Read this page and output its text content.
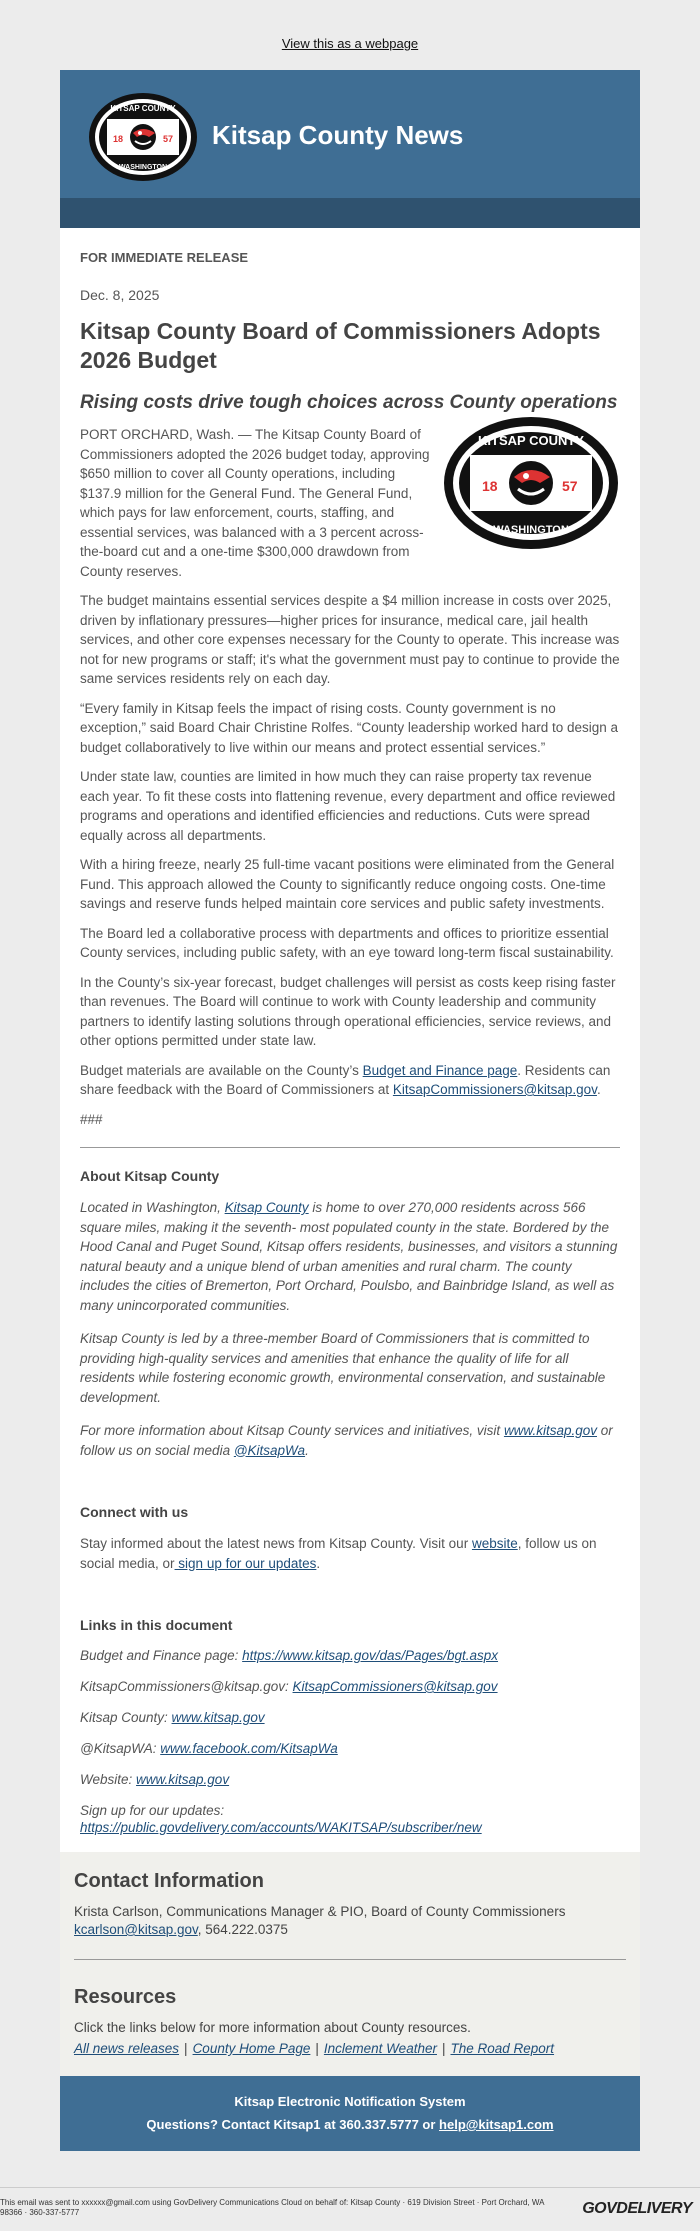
View this as a webpage
KITSAP COUNTY
WASHINGTON
18	57 Kitsap County News
FOR IMMEDIATE RELEASE
Dec. 8, 2025
Kitsap County Board of Commissioners Adopts 2026 Budget
Rising costs drive tough choices across County operations
KITSAP COUNTY
WASHINGTON
18	57

PORT ORCHARD, Wash. — The Kitsap County Board of Commissioners adopted the 2026 budget today, approving $650 million to cover all County operations, including $137.9 million for the General Fund. The General Fund, which pays for law enforcement, courts, staffing, and essential services, was balanced with a 3 percent across-the-board cut and a one-time $300,000 drawdown from County reserves.

The budget maintains essential services despite a $4 million increase in costs over 2025, driven by inflationary pressures—higher prices for insurance, medical care, jail health services, and other core expenses necessary for the County to operate. This increase was not for new programs or staff; it's what the government must pay to continue to provide the same services residents rely on each day.

“Every family in Kitsap feels the impact of rising costs. County government is no exception,” said Board Chair Christine Rolfes. “County leadership worked hard to design a budget collaboratively to live within our means and protect essential services.”

Under state law, counties are limited in how much they can raise property tax revenue each year. To fit these costs into flattening revenue, every department and office reviewed programs and operations and identified efficiencies and reductions. Cuts were spread equally across all departments.

With a hiring freeze, nearly 25 full-time vacant positions were eliminated from the General Fund. This approach allowed the County to significantly reduce ongoing costs. One-time savings and reserve funds helped maintain core services and public safety investments.

The Board led a collaborative process with departments and offices to prioritize essential County services, including public safety, with an eye toward long-term fiscal sustainability.

In the County’s six-year forecast, budget challenges will persist as costs keep rising faster than revenues. The Board will continue to work with County leadership and community partners to identify lasting solutions through operational efficiencies, service reviews, and other options permitted under state law.

Budget materials are available on the County’s Budget and Finance page. Residents can share feedback with the Board of Commissioners at KitsapCommissioners@kitsap.gov.

###

About Kitsap County

Located in Washington, Kitsap County is home to over 270,000 residents across 566 square miles, making it the seventh- most populated county in the state. Bordered by the Hood Canal and Puget Sound, Kitsap offers residents, businesses, and visitors a stunning natural beauty and a unique blend of urban amenities and rural charm. The county includes the cities of Bremerton, Port Orchard, Poulsbo, and Bainbridge Island, as well as many unincorporated communities.

Kitsap County is led by a three-member Board of Commissioners that is committed to providing high-quality services and amenities that enhance the quality of life for all residents while fostering economic growth, environmental conservation, and sustainable development.

For more information about Kitsap County services and initiatives, visit www.kitsap.gov or follow us on social media @KitsapWa.

Connect with us

Stay informed about the latest news from Kitsap County. Visit our website, follow us on social media, or sign up for our updates.

Links in this document

Budget and Finance page: https://www.kitsap.gov/das/Pages/bgt.aspx

KitsapCommissioners@kitsap.gov: KitsapCommissioners@kitsap.gov

Kitsap County: www.kitsap.gov

@KitsapWA: www.facebook.com/KitsapWa

Website: www.kitsap.gov

Sign up for our updates:
https://public.govdelivery.com/accounts/WAKITSAP/subscriber/new

Contact Information

Krista Carlson, Communications Manager & PIO, Board of County Commissioners
kcarlson@kitsap.gov, 564.222.0375

Resources

Click the links below for more information about County resources.

All news releases | County Home Page | Inclement Weather | The Road Report
Kitsap Electronic Notification System
Questions? Contact Kitsap1 at 360.337.5777 or help@kitsap1.com
This email was sent to xxxxxx@gmail.com using GovDelivery Communications Cloud on behalf of: Kitsap County · 619 Division Street · Port Orchard, WA 98366 · 360-337-5777	GOVDELIVERY
